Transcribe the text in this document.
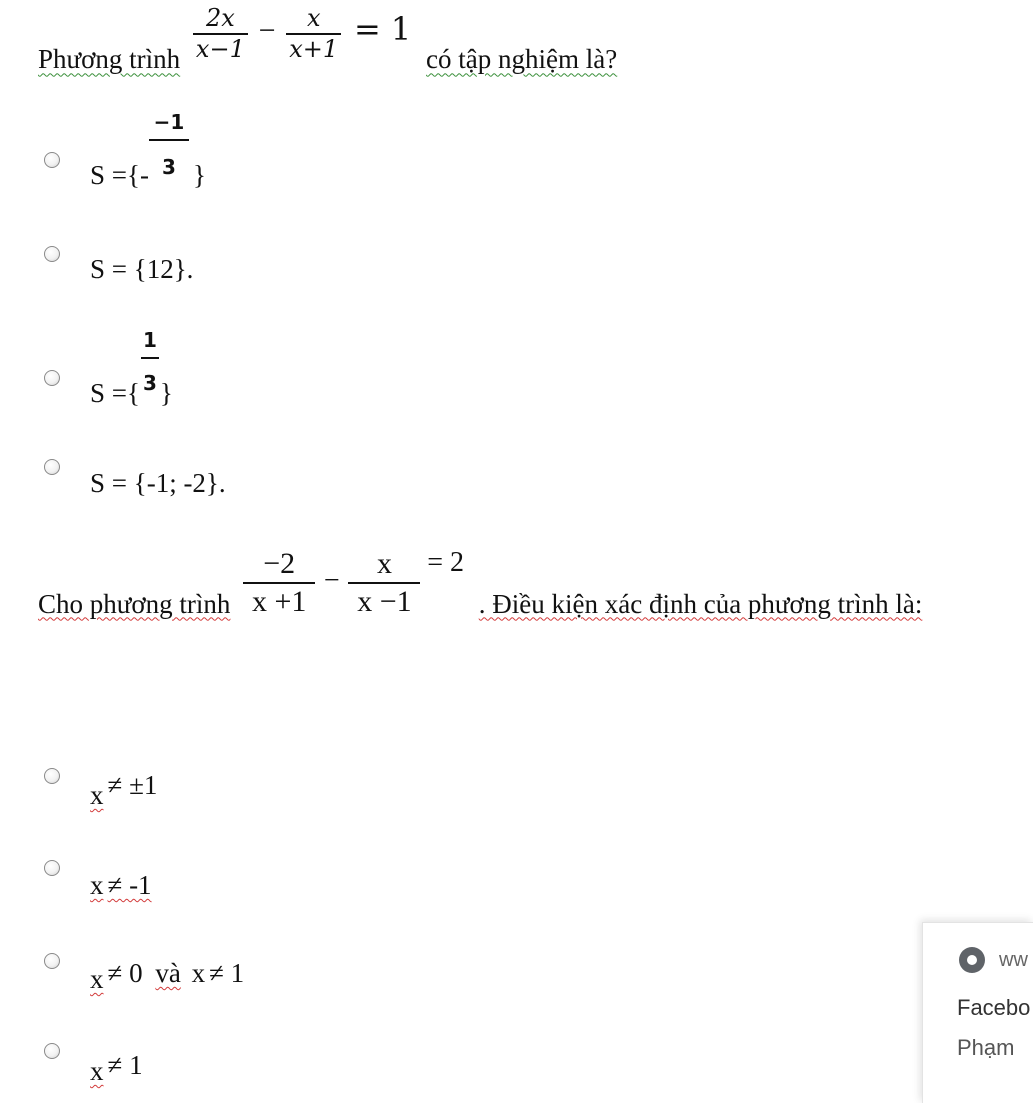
Phương trình $\frac{2x}{x-1} - \frac{x}{x+1} = 1$ có tập nghiệm là?
S ={- $\frac{-1}{3}$ }
S = {12}.
S ={ $\frac{1}{3}$ }
S = {-1; -2}.
Cho phương trình $\frac{-2}{x +1} - \frac{x}{x -1} = 2$ . Điều kiện xác định của phương trình là:
x ≠ ±1
x ≠ -1
x ≠ 0 và x ≠ 1
x ≠ 1
ww
Facebo
Phạm
